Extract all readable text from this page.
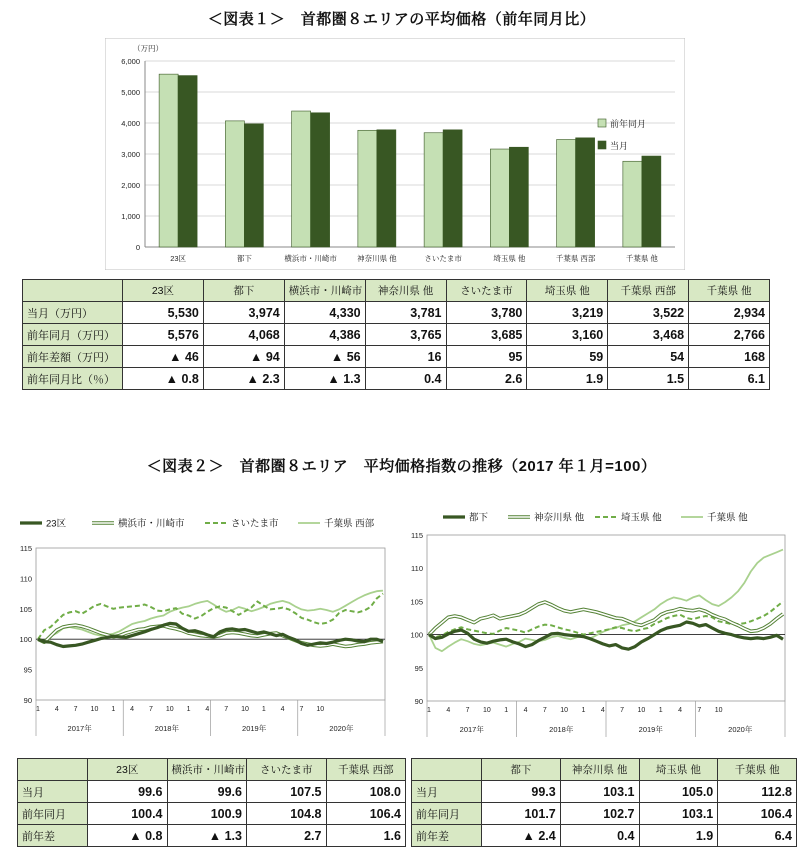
＜図表１＞　首都圏８エリアの平均価格（前年同月比）
（万円）
0
1,000
2,000
3,000
4,000
5,000
6,000
23区	都下	横浜市・川崎市	神奈川県 他	さいたま市	埼玉県 他	千葉県 西部	千葉県 他
前年同月
当月
	23区	都下	横浜市・川崎市	神奈川県 他	さいたま市	埼玉県 他	千葉県 西部	千葉県 他
当月（万円）	5,530	3,974	4,330	3,781	3,780	3,219	3,522	2,934
前年同月（万円）	5,576	4,068	4,386	3,765	3,685	3,160	3,468	2,766
前年差額（万円）	▲ 46	▲ 94	▲ 56	16	95	59	54	168
前年同月比（％）	▲ 0.8	▲ 2.3	▲ 1.3	0.4	2.6	1.9	1.5	6.1
＜図表２＞　首都圏８エリア　平均価格指数の推移（2017 年１月=100）
90
95
100
105
110
115
1 4 7 10 1 4 7 10 1 4 7 10 1 4 7 10
2017年	2018年	2019年	2020年
23区	横浜市・川崎市	さいたま市	千葉県 西部
90
95
100
105
110
115
1 4 7 10 1 4 7 10 1 4 7 10 1 4 7 10
2017年	2018年	2019年	2020年
都下	神奈川県 他	埼玉県 他	千葉県 他
	23区	横浜市・川崎市	さいたま市	千葉県 西部
当月	99.6	99.6	107.5	108.0
前年同月	100.4	100.9	104.8	106.4
前年差	▲ 0.8	▲ 1.3	2.7	1.6
	都下	神奈川県 他	埼玉県 他	千葉県 他
当月	99.3	103.1	105.0	112.8
前年同月	101.7	102.7	103.1	106.4
前年差	▲ 2.4	0.4	1.9	6.4
